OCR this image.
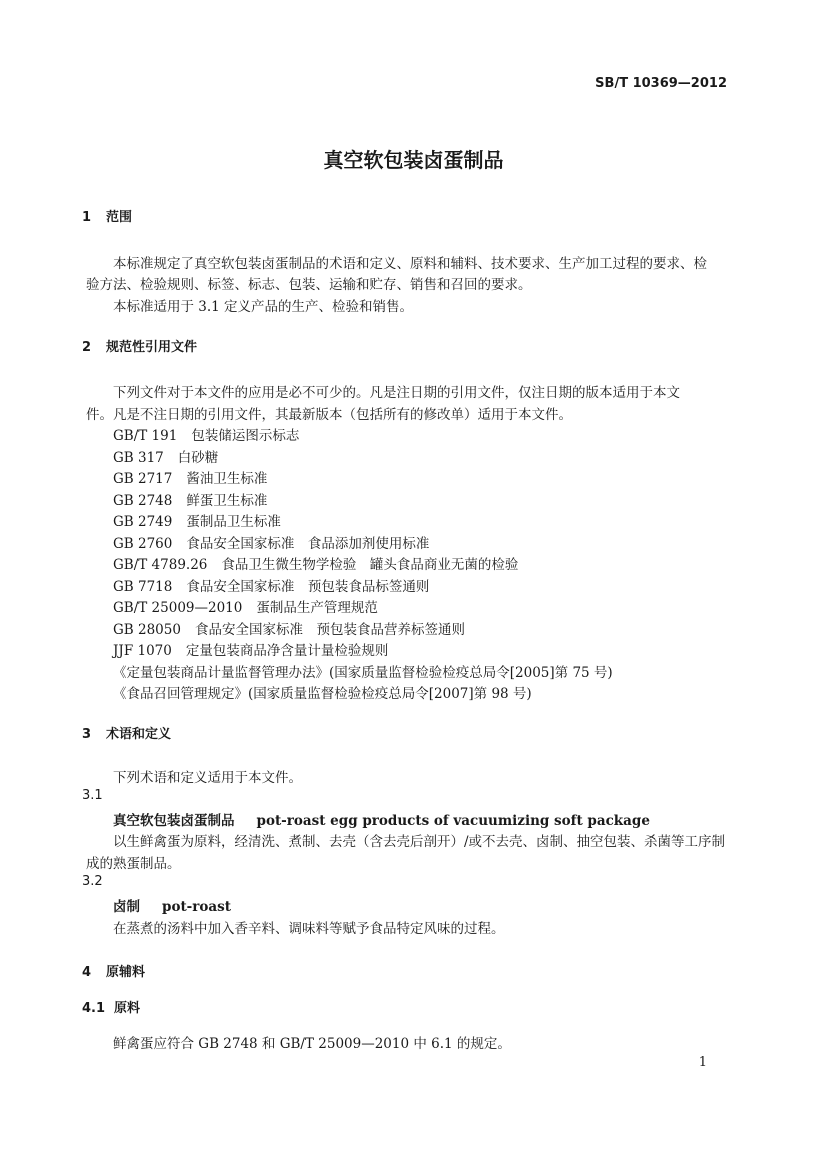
SB/T 10369—2012
真空软包装卤蛋制品
1 范围
本标准规定了真空软包装卤蛋制品的术语和定义、原料和辅料、技术要求、生产加工过程的要求、检
验方法、检验规则、标签、标志、包装、运输和贮存、销售和召回的要求。
本标准适用于 3.1 定义产品的生产、检验和销售。
2 规范性引用文件
下列文件对于本文件的应用是必不可少的。凡是注日期的引用文件，仅注日期的版本适用于本文
件。凡是不注日期的引用文件，其最新版本（包括所有的修改单）适用于本文件。
GB/T 191 包装储运图示标志
GB 317 白砂糖
GB 2717 酱油卫生标准
GB 2748 鲜蛋卫生标准
GB 2749 蛋制品卫生标准
GB 2760 食品安全国家标准　食品添加剂使用标准
GB/T 4789.26 食品卫生微生物学检验　罐头食品商业无菌的检验
GB 7718 食品安全国家标准　预包装食品标签通则
GB/T 25009—2010 蛋制品生产管理规范
GB 28050 食品安全国家标准　预包装食品营养标签通则
JJF 1070 定量包装商品净含量计量检验规则
《定量包装商品计量监督管理办法》(国家质量监督检验检疫总局令[2005]第 75 号)
《食品召回管理规定》(国家质量监督检验检疫总局令[2007]第 98 号)
3 术语和定义
下列术语和定义适用于本文件。
3.1
真空软包装卤蛋制品 pot-roast egg products of vacuumizing soft package
以生鲜禽蛋为原料，经清洗、煮制、去壳（含去壳后剖开）/或不去壳、卤制、抽空包装、杀菌等工序制
成的熟蛋制品。
3.2
卤制 pot-roast
在蒸煮的汤料中加入香辛料、调味料等赋予食品特定风味的过程。
4 原辅料
4.1 原料
鲜禽蛋应符合 GB 2748 和 GB/T 25009—2010 中 6.1 的规定。
1
